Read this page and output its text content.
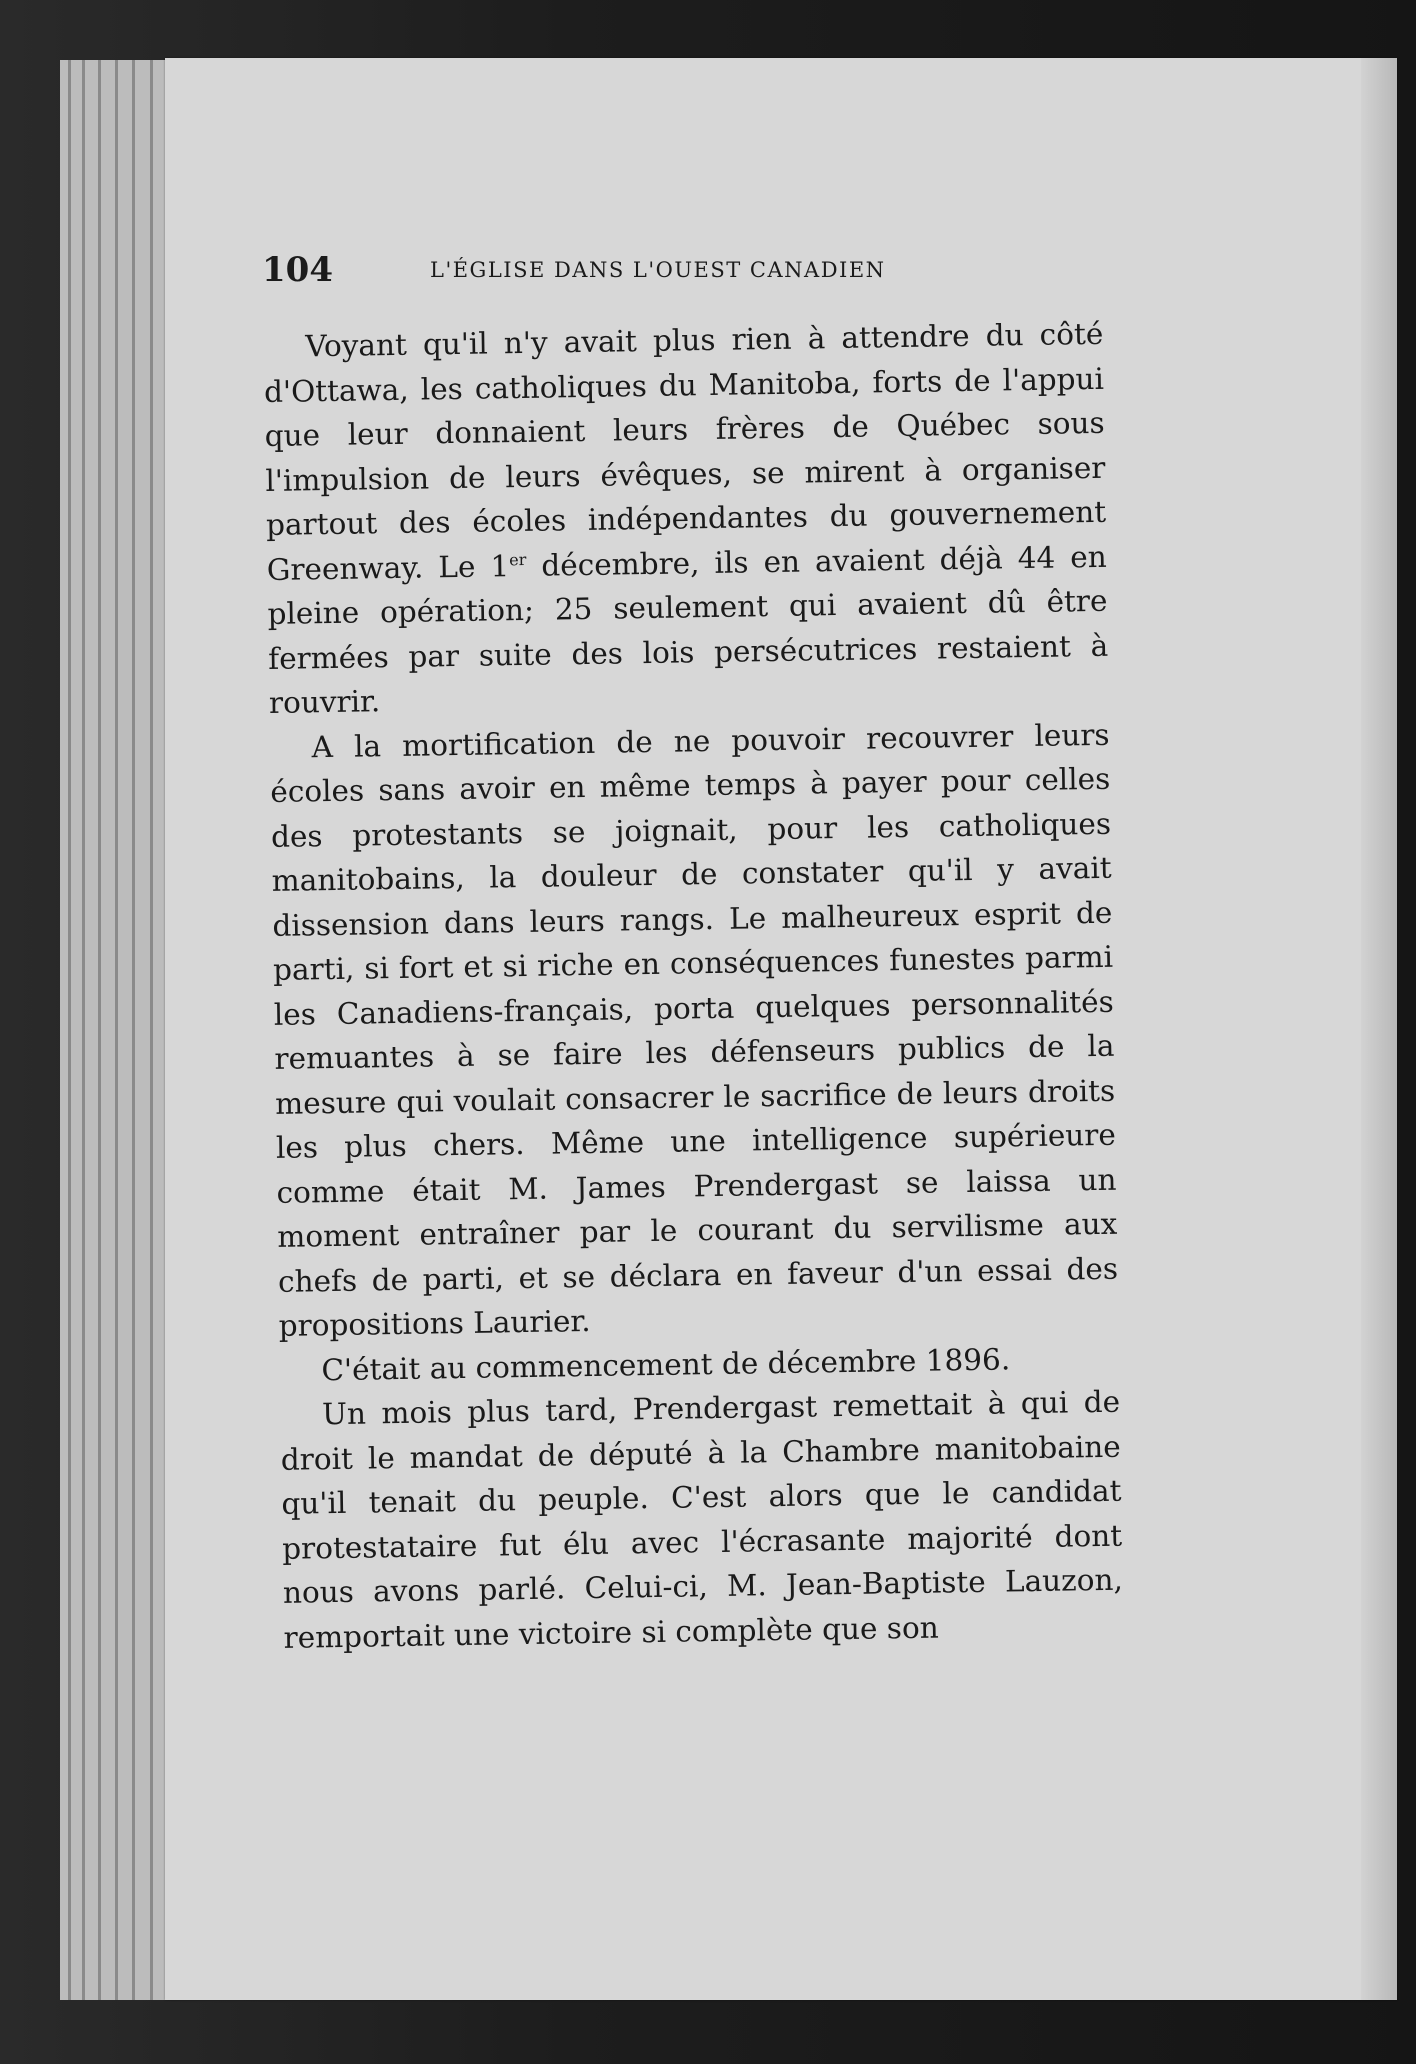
104	L'ÉGLISE DANS L'OUEST CANADIEN

Voyant qu'il n'y avait plus rien à attendre du côté d'Ottawa, les catholiques du Manitoba, forts de l'appui que leur donnaient leurs frères de Québec sous l'impulsion de leurs évêques, se mirent à organiser partout des écoles indépendantes du gouvernement Greenway. Le 1er décembre, ils en avaient déjà 44 en pleine opération; 25 seulement qui avaient dû être fermées par suite des lois persécutrices restaient à rouvrir.

A la mortification de ne pouvoir recouvrer leurs écoles sans avoir en même temps à payer pour celles des protestants se joignait, pour les catholiques manitobains, la douleur de constater qu'il y avait dissension dans leurs rangs. Le malheureux esprit de parti, si fort et si riche en conséquences funestes parmi les Canadiens-français, porta quelques personnalités remuantes à se faire les défenseurs publics de la mesure qui voulait consacrer le sacrifice de leurs droits les plus chers. Même une intelligence supérieure comme était M. James Prendergast se laissa un moment entraîner par le courant du servilisme aux chefs de parti, et se déclara en faveur d'un essai des propositions Laurier.

C'était au commencement de décembre 1896.

Un mois plus tard, Prendergast remettait à qui de droit le mandat de député à la Chambre manitobaine qu'il tenait du peuple. C'est alors que le candidat protestataire fut élu avec l'écrasante majorité dont nous avons parlé. Celui-ci, M. Jean-Baptiste Lauzon, remportait une victoire si complète que son
